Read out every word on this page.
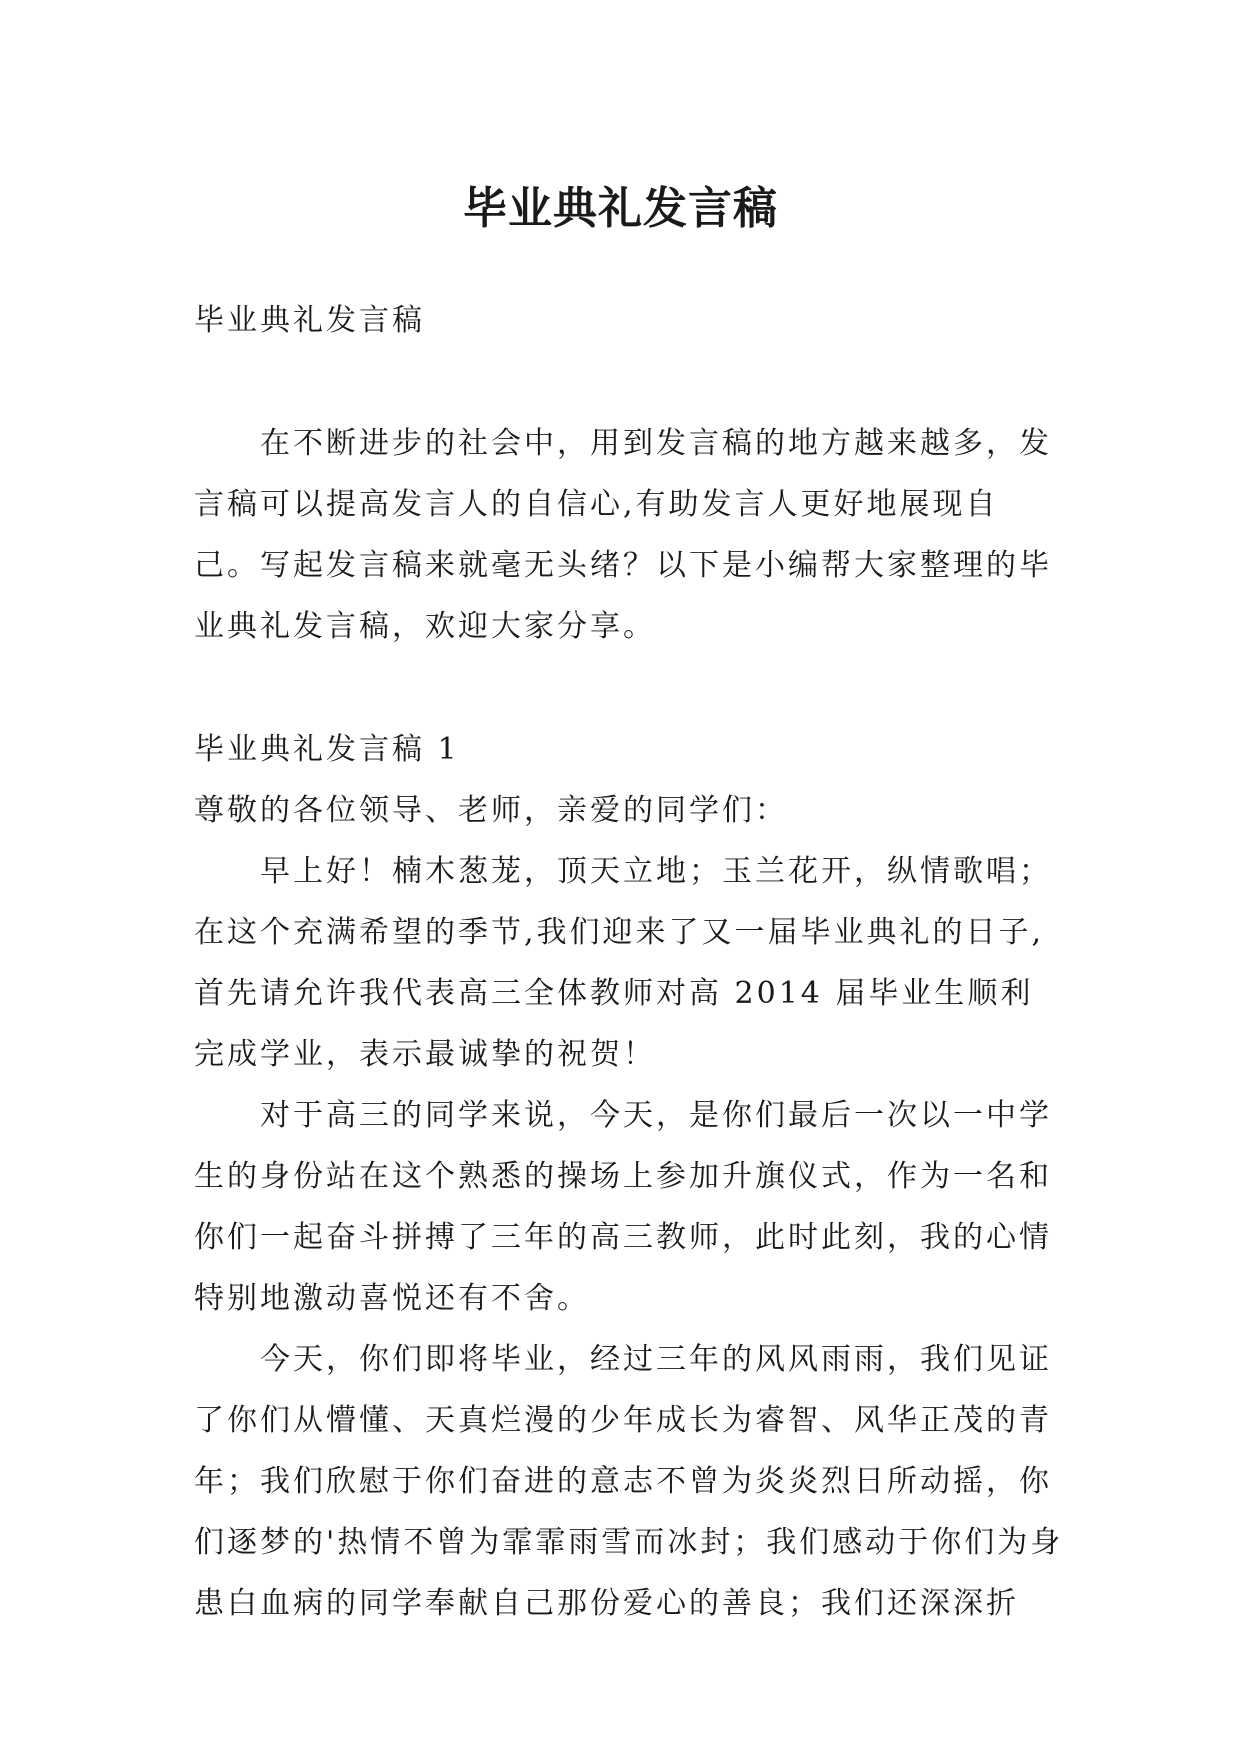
毕业典礼发言稿

毕业典礼发言稿

在不断进步的社会中，用到发言稿的地方越来越多，发言稿可以提高发言人的自信心,有助发言人更好地展现自己。写起发言稿来就毫无头绪？以下是小编帮大家整理的毕业典礼发言稿，欢迎大家分享。

毕业典礼发言稿 1

尊敬的各位领导、老师，亲爱的同学们：

早上好！楠木葱茏，顶天立地；玉兰花开，纵情歌唱；在这个充满希望的季节,我们迎来了又一届毕业典礼的日子,首先请允许我代表高三全体教师对高 2014 届毕业生顺利完成学业，表示最诚挚的祝贺！

对于高三的同学来说，今天，是你们最后一次以一中学生的身份站在这个熟悉的操场上参加升旗仪式，作为一名和你们一起奋斗拼搏了三年的高三教师，此时此刻，我的心情特别地激动喜悦还有不舍。

今天，你们即将毕业，经过三年的风风雨雨，我们见证了你们从懵懂、天真烂漫的少年成长为睿智、风华正茂的青年；我们欣慰于你们奋进的意志不曾为炎炎烈日所动摇，你们逐梦的'热情不曾为霏霏雨雪而冰封；我们感动于你们为身患白血病的同学奉献自己那份爱心的善良；我们还深深折
